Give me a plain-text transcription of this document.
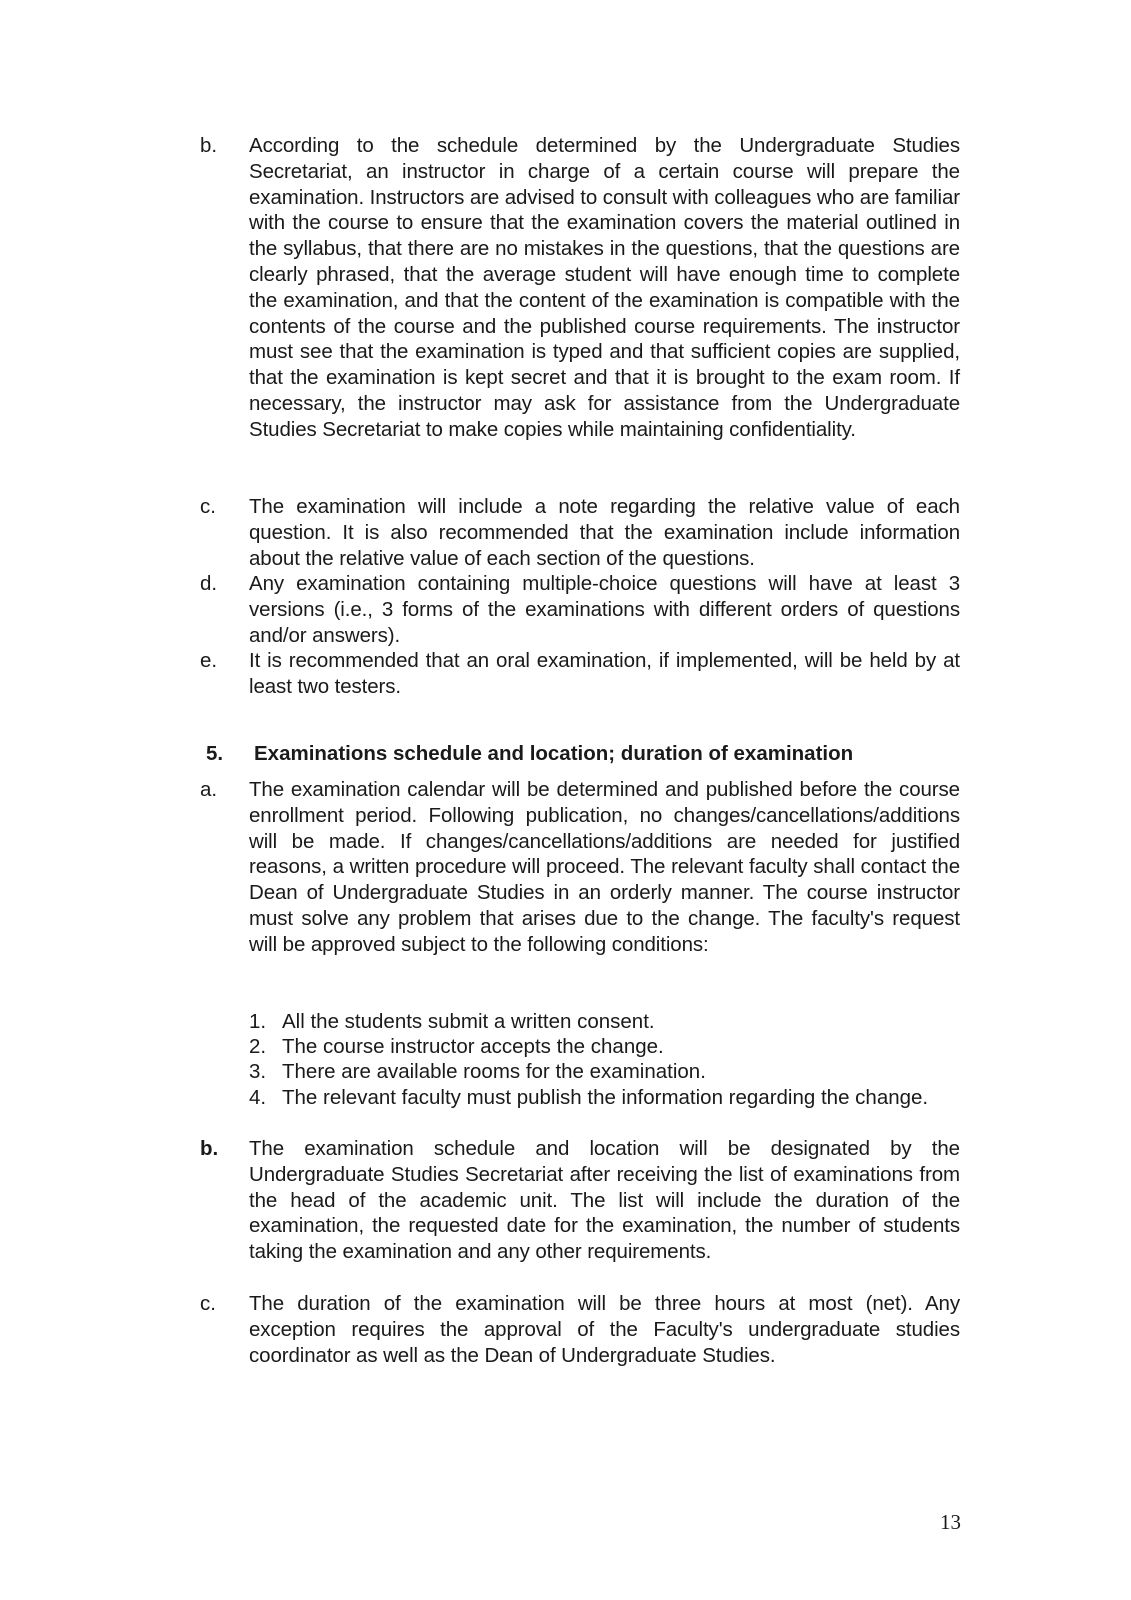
b. According to the schedule determined by the Undergraduate Studies Secretariat, an instructor in charge of a certain course will prepare the examination. Instructors are advised to consult with colleagues who are familiar with the course to ensure that the examination covers the material outlined in the syllabus, that there are no mistakes in the questions, that the questions are clearly phrased, that the average student will have enough time to complete the examination, and that the content of the examination is compatible with the contents of the course and the published course requirements. The instructor must see that the examination is typed and that sufficient copies are supplied, that the examination is kept secret and that it is brought to the exam room. If necessary, the instructor may ask for assistance from the Undergraduate Studies Secretariat to make copies while maintaining confidentiality.
c. The examination will include a note regarding the relative value of each question. It is also recommended that the examination include information about the relative value of each section of the questions.
d. Any examination containing multiple-choice questions will have at least 3 versions (i.e., 3 forms of the examinations with different orders of questions and/or answers).
e. It is recommended that an oral examination, if implemented, will be held by at least two testers.
5. Examinations schedule and location; duration of examination
a. The examination calendar will be determined and published before the course enrollment period. Following publication, no changes/cancellations/additions will be made. If changes/cancellations/additions are needed for justified reasons, a written procedure will proceed. The relevant faculty shall contact the Dean of Undergraduate Studies in an orderly manner. The course instructor must solve any problem that arises due to the change. The faculty's request will be approved subject to the following conditions:
1. All the students submit a written consent.
2. The course instructor accepts the change.
3. There are available rooms for the examination.
4. The relevant faculty must publish the information regarding the change.
b. The examination schedule and location will be designated by the Undergraduate Studies Secretariat after receiving the list of examinations from the head of the academic unit. The list will include the duration of the examination, the requested date for the examination, the number of students taking the examination and any other requirements.
c. The duration of the examination will be three hours at most (net). Any exception requires the approval of the Faculty's undergraduate studies coordinator as well as the Dean of Undergraduate Studies.
13
